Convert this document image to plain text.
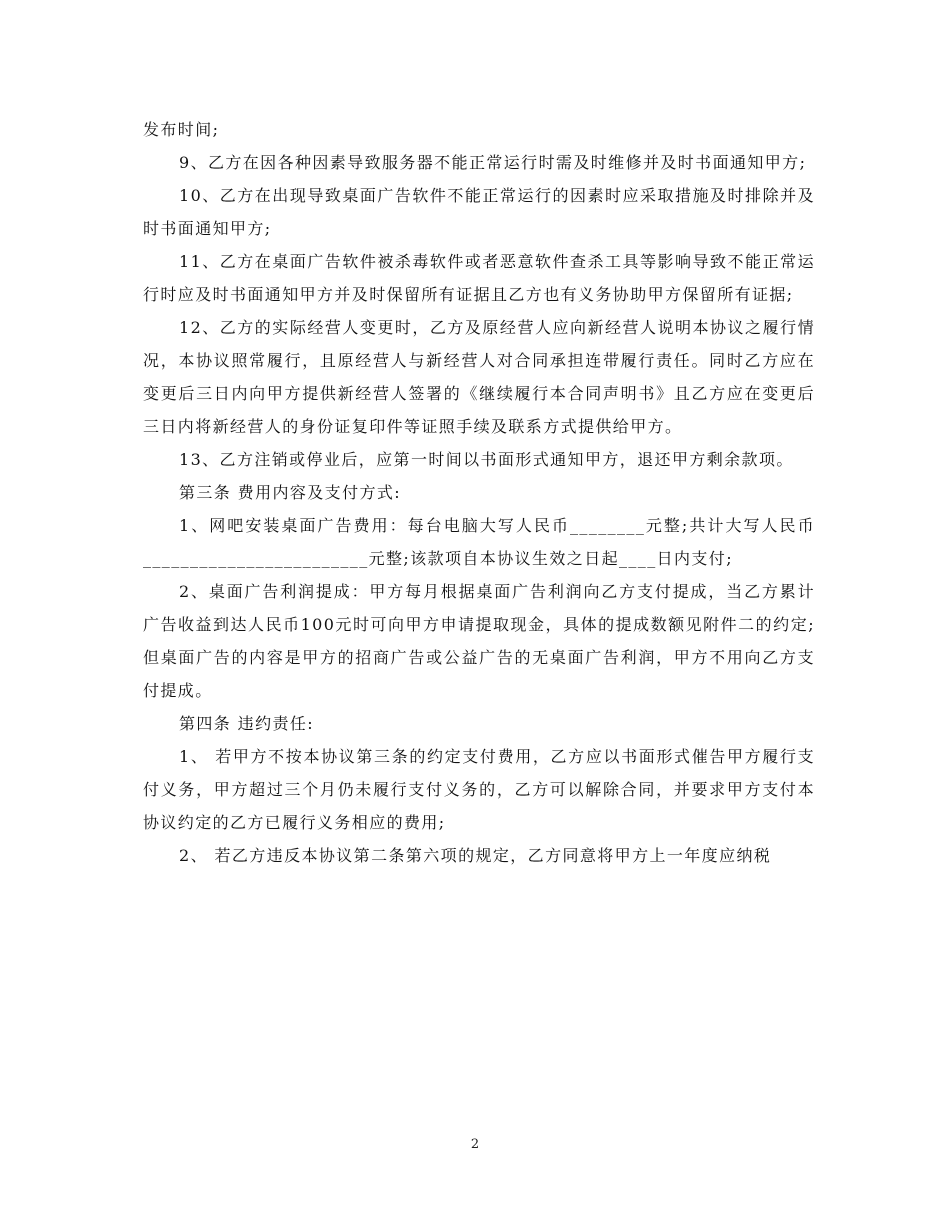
发布时间;

9、乙方在因各种因素导致服务器不能正常运行时需及时维修并及时书面通知甲方;

10、乙方在出现导致桌面广告软件不能正常运行的因素时应采取措施及时排除并及时书面通知甲方;

11、乙方在桌面广告软件被杀毒软件或者恶意软件查杀工具等影响导致不能正常运行时应及时书面通知甲方并及时保留所有证据且乙方也有义务协助甲方保留所有证据;

12、乙方的实际经营人变更时，乙方及原经营人应向新经营人说明本协议之履行情况，本协议照常履行，且原经营人与新经营人对合同承担连带履行责任。同时乙方应在变更后三日内向甲方提供新经营人签署的《继续履行本合同声明书》且乙方应在变更后三日内将新经营人的身份证复印件等证照手续及联系方式提供给甲方。

13、乙方注销或停业后，应第一时间以书面形式通知甲方，退还甲方剩余款项。

第三条 费用内容及支付方式:

1、网吧安装桌面广告费用：每台电脑大写人民币________元整;共计大写人民币________________________元整;该款项自本协议生效之日起____日内支付;

2、桌面广告利润提成：甲方每月根据桌面广告利润向乙方支付提成，当乙方累计广告收益到达人民币100元时可向甲方申请提取现金，具体的提成数额见附件二的约定;但桌面广告的内容是甲方的招商广告或公益广告的无桌面广告利润，甲方不用向乙方支付提成。

第四条 违约责任:

1、 若甲方不按本协议第三条的约定支付费用，乙方应以书面形式催告甲方履行支付义务，甲方超过三个月仍未履行支付义务的，乙方可以解除合同，并要求甲方支付本协议约定的乙方已履行义务相应的费用;

2、 若乙方违反本协议第二条第六项的规定，乙方同意将甲方上一年度应纳税

2
